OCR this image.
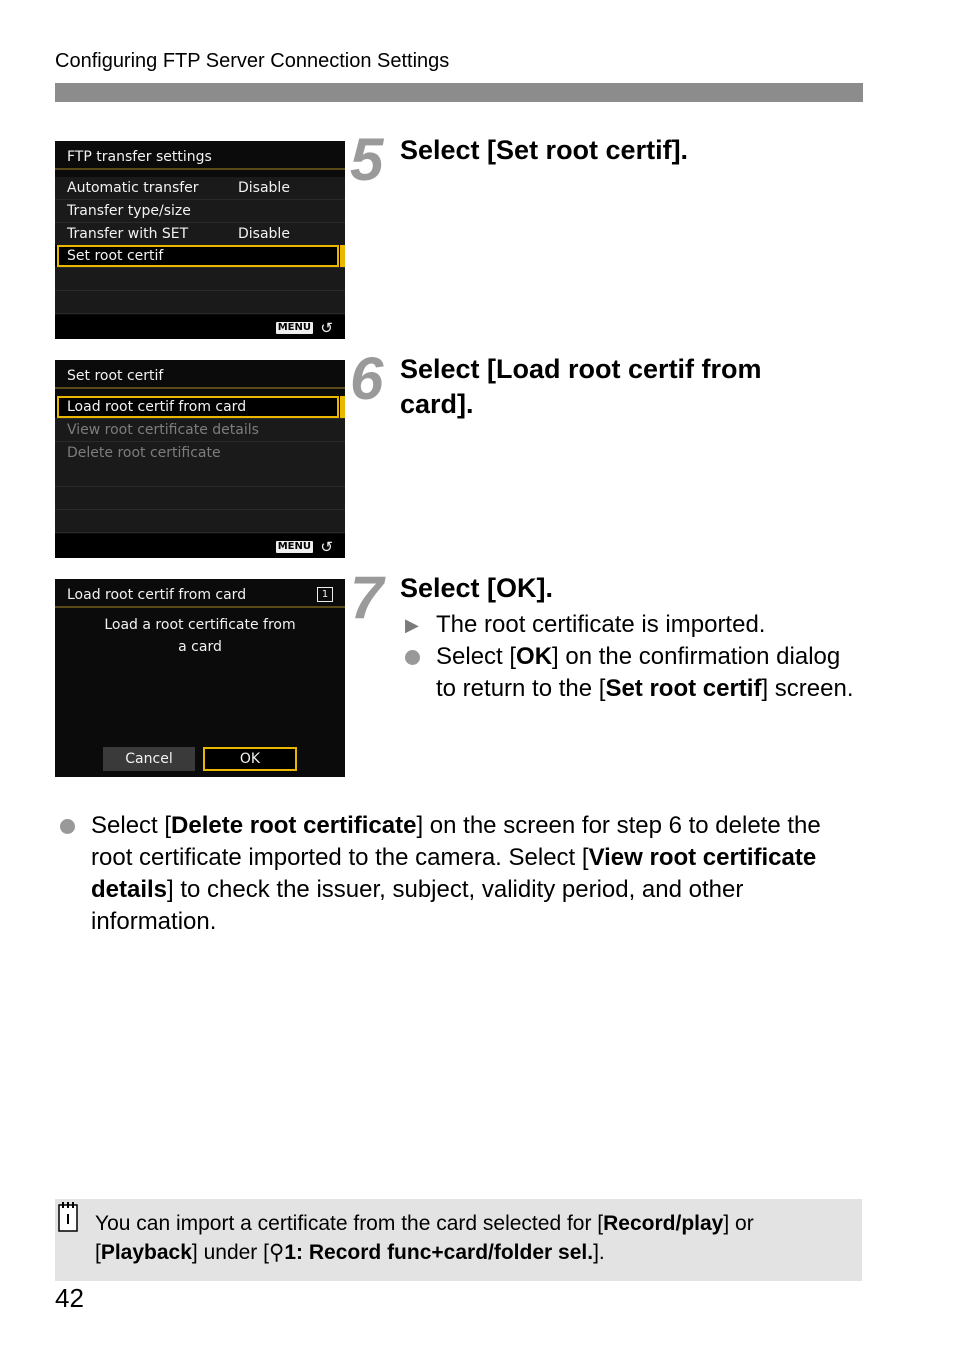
Configuring FTP Server Connection Settings
FTP transfer settings
Automatic transfer	Disable
Transfer type/size
Transfer with SET	Disable
Set root certif
MENU ↺
5 Select [Set root certif].
Set root certif
Load root certif from card
View root certificate details
Delete root certificate
MENU ↺
6 Select [Load root certif from card].
Load root certif from card	1
Load a root certificate from
a card
Cancel	OK
7 Select [OK].
▶ The root certificate is imported.
Select [OK] on the confirmation dialog to return to the [Set root certif] screen.
Select [Delete root certificate] on the screen for step 6 to delete the root certificate imported to the camera. Select [View root certificate details] to check the issuer, subject, validity period, and other information.
You can import a certificate from the card selected for [Record/play] or [Playback] under [⚲1: Record func+card/folder sel.].
42
